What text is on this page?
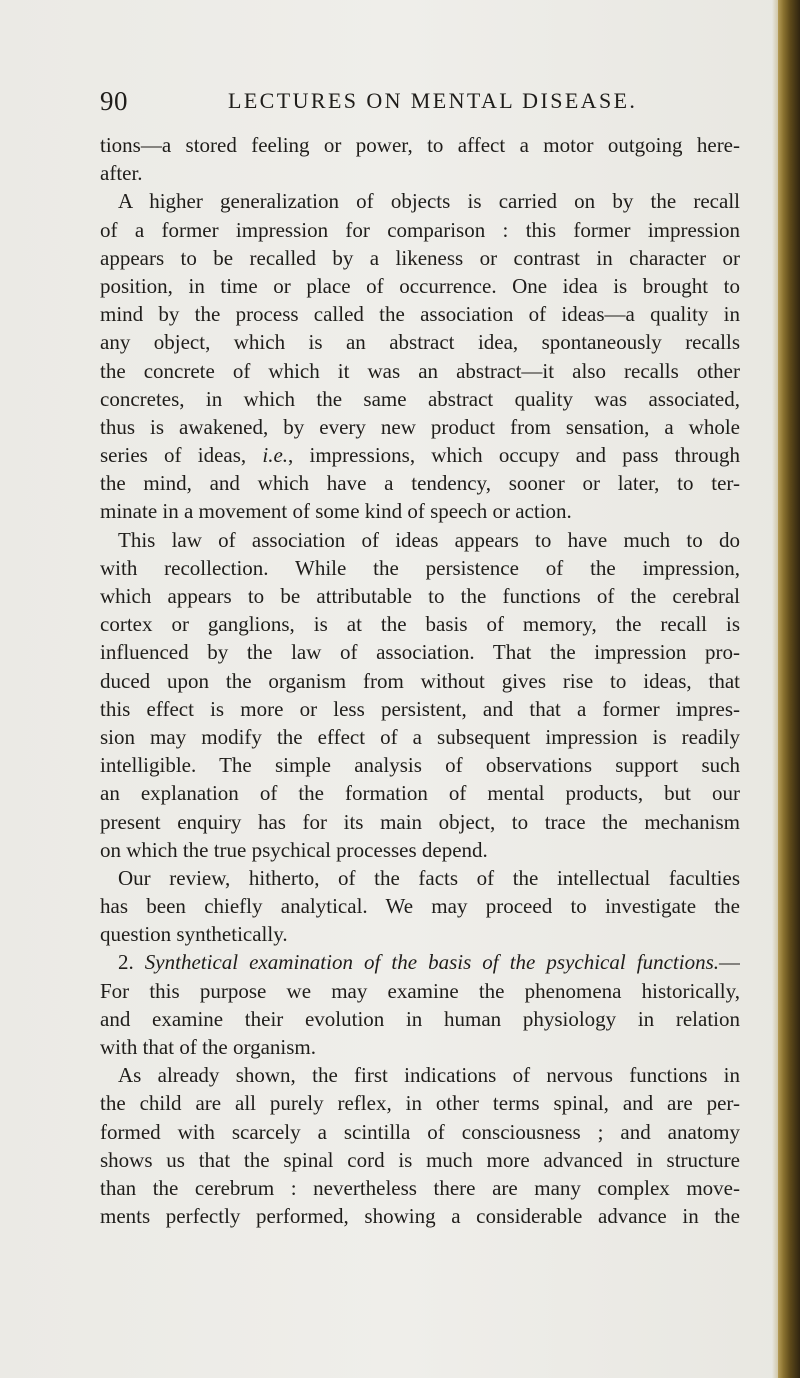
90	LECTURES ON MENTAL DISEASE.
tions—a stored feeling or power, to affect a motor outgoing here-
after.
A higher generalization of objects is carried on by the recall
of a former impression for comparison : this former impression
appears to be recalled by a likeness or contrast in character or
position, in time or place of occurrence. One idea is brought to
mind by the process called the association of ideas—a quality in
any object, which is an abstract idea, spontaneously recalls
the concrete of which it was an abstract—it also recalls other
concretes, in which the same abstract quality was associated,
thus is awakened, by every new product from sensation, a whole
series of ideas, i.e., impressions, which occupy and pass through
the mind, and which have a tendency, sooner or later, to ter-
minate in a movement of some kind of speech or action.
This law of association of ideas appears to have much to do
with recollection. While the persistence of the impression,
which appears to be attributable to the functions of the cerebral
cortex or ganglions, is at the basis of memory, the recall is
influenced by the law of association. That the impression pro-
duced upon the organism from without gives rise to ideas, that
this effect is more or less persistent, and that a former impres-
sion may modify the effect of a subsequent impression is readily
intelligible. The simple analysis of observations support such
an explanation of the formation of mental products, but our
present enquiry has for its main object, to trace the mechanism
on which the true psychical processes depend.
Our review, hitherto, of the facts of the intellectual faculties
has been chiefly analytical. We may proceed to investigate the
question synthetically.
2. Synthetical examination of the basis of the psychical functions.—
For this purpose we may examine the phenomena historically,
and examine their evolution in human physiology in relation
with that of the organism.
As already shown, the first indications of nervous functions in
the child are all purely reflex, in other terms spinal, and are per-
formed with scarcely a scintilla of consciousness ; and anatomy
shows us that the spinal cord is much more advanced in structure
than the cerebrum : nevertheless there are many complex move-
ments perfectly performed, showing a considerable advance in the
